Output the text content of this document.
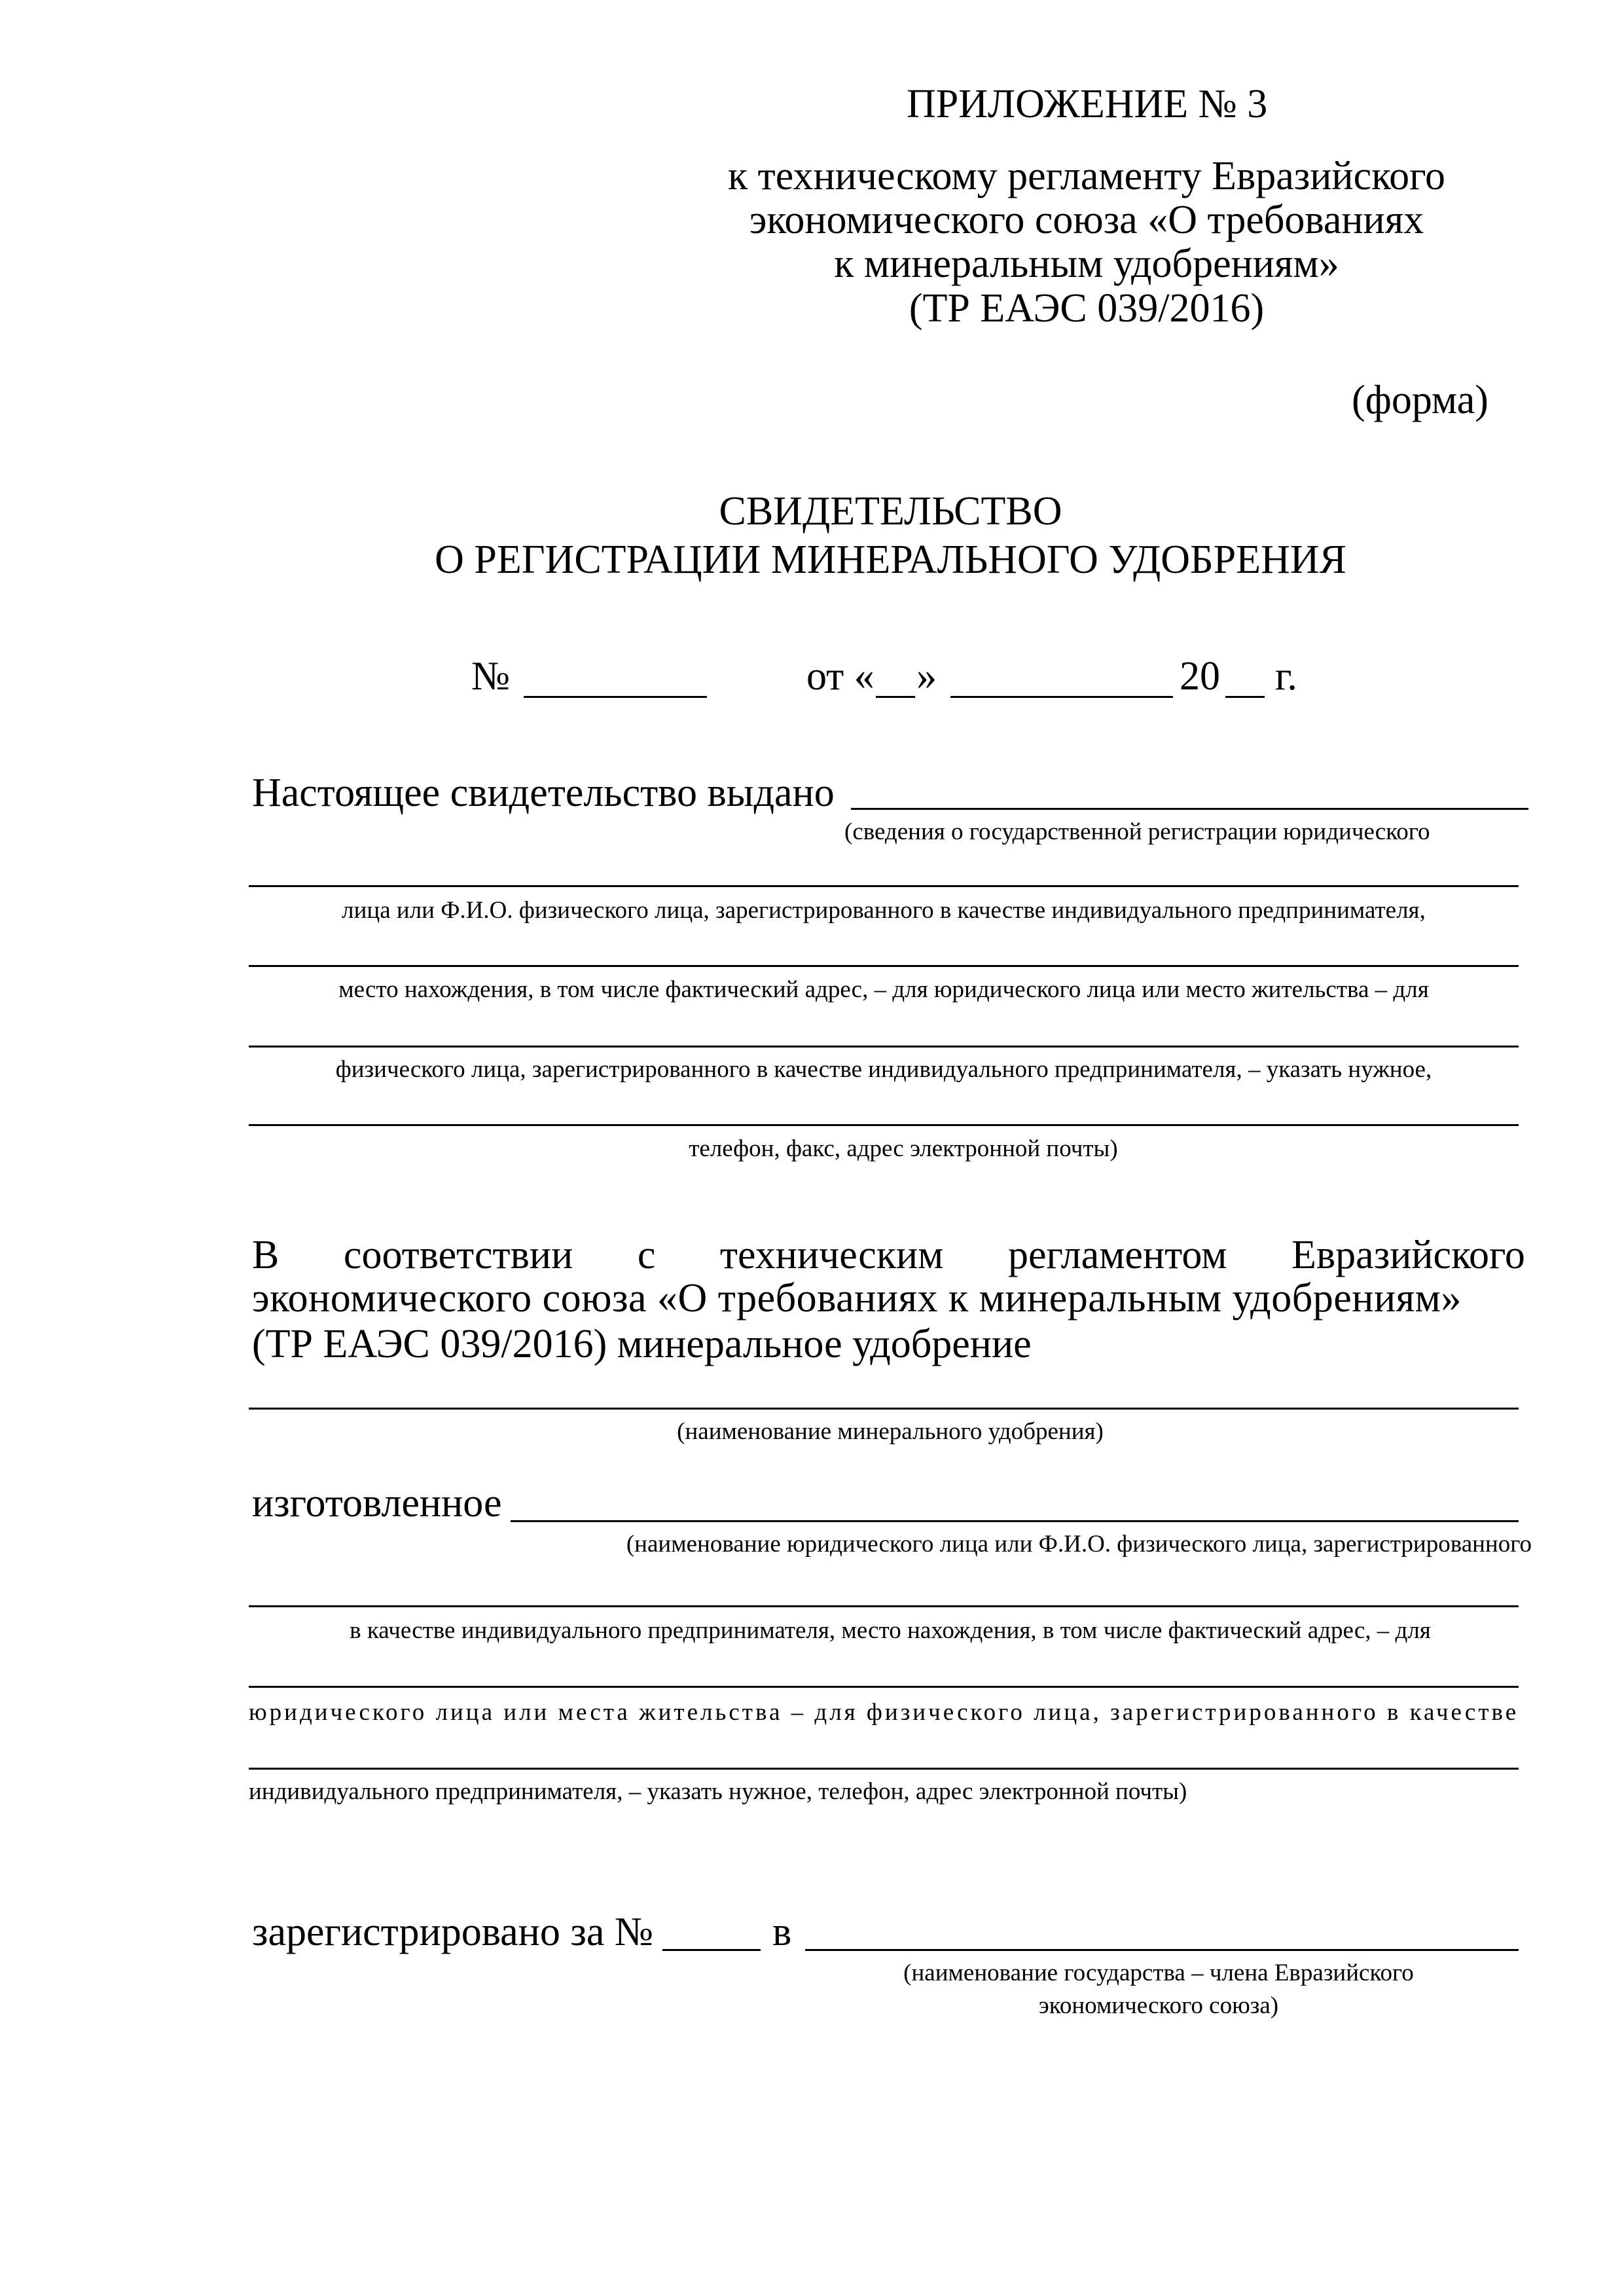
ПРИЛОЖЕНИЕ № 3
к техническому регламенту Евразийского
экономического союза «О требованиях
к минеральным удобрениям»
(ТР ЕАЭС 039/2016)
(форма)
СВИДЕТЕЛЬСТВО
О РЕГИСТРАЦИИ МИНЕРАЛЬНОГО УДОБРЕНИЯ
№	от « »	20 г.
Настоящее свидетельство выдано
(сведения о государственной регистрации юридического
лица или Ф.И.О. физического лица, зарегистрированного в качестве индивидуального предпринимателя,
место нахождения, в том числе фактический адрес, – для юридического лица или место жительства – для
физического лица, зарегистрированного в качестве индивидуального предпринимателя, – указать нужное,
телефон, факс, адрес электронной почты)
В соответствии с техническим регламентом Евразийского
экономического союза «О требованиях к минеральным удобрениям»
(ТР ЕАЭС 039/2016) минеральное удобрение
(наименование минерального удобрения)
изготовленное
(наименование юридического лица или Ф.И.О. физического лица, зарегистрированного
в качестве индивидуального предпринимателя, место нахождения, в том числе фактический адрес, – для
юридического лица или места жительства – для физического лица, зарегистрированного в качестве
индивидуального предпринимателя, – указать нужное, телефон, адрес электронной почты)
зарегистрировано за №	в
(наименование государства – члена Евразийского
экономического союза)
